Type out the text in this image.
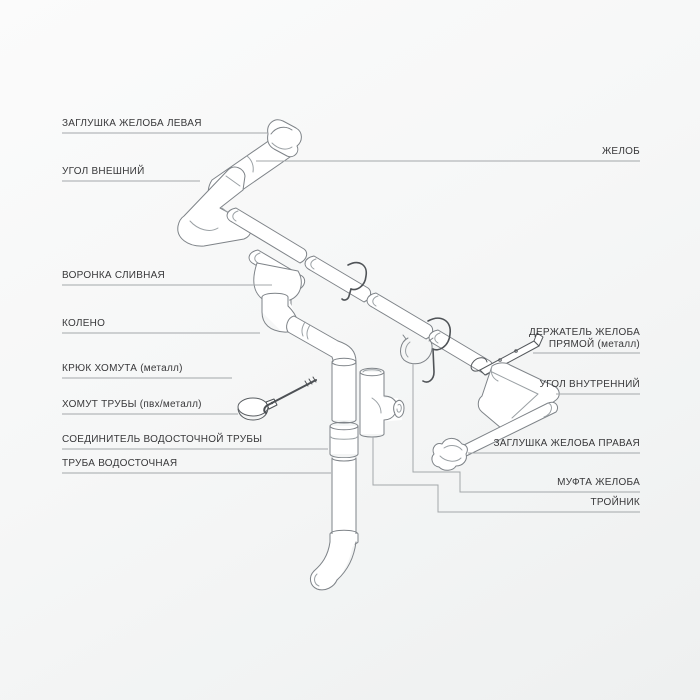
ЗАГЛУШКА ЖЕЛОБА ЛЕВАЯ
УГОЛ ВНЕШНИЙ
ВОРОНКА СЛИВНАЯ
КОЛЕНО
КРЮК ХОМУТА (металл)
ХОМУТ ТРУБЫ (пвх/металл)
СОЕДИНИТЕЛЬ ВОДОСТОЧНОЙ ТРУБЫ
ТРУБА ВОДОСТОЧНАЯ
ЖЕЛОБ
ДЕРЖАТЕЛЬ ЖЕЛОБА
ПРЯМОЙ (металл)
УГОЛ ВНУТРЕННИЙ
ЗАГЛУШКА ЖЕЛОБА ПРАВАЯ
МУФТА ЖЕЛОБА
ТРОЙНИК
